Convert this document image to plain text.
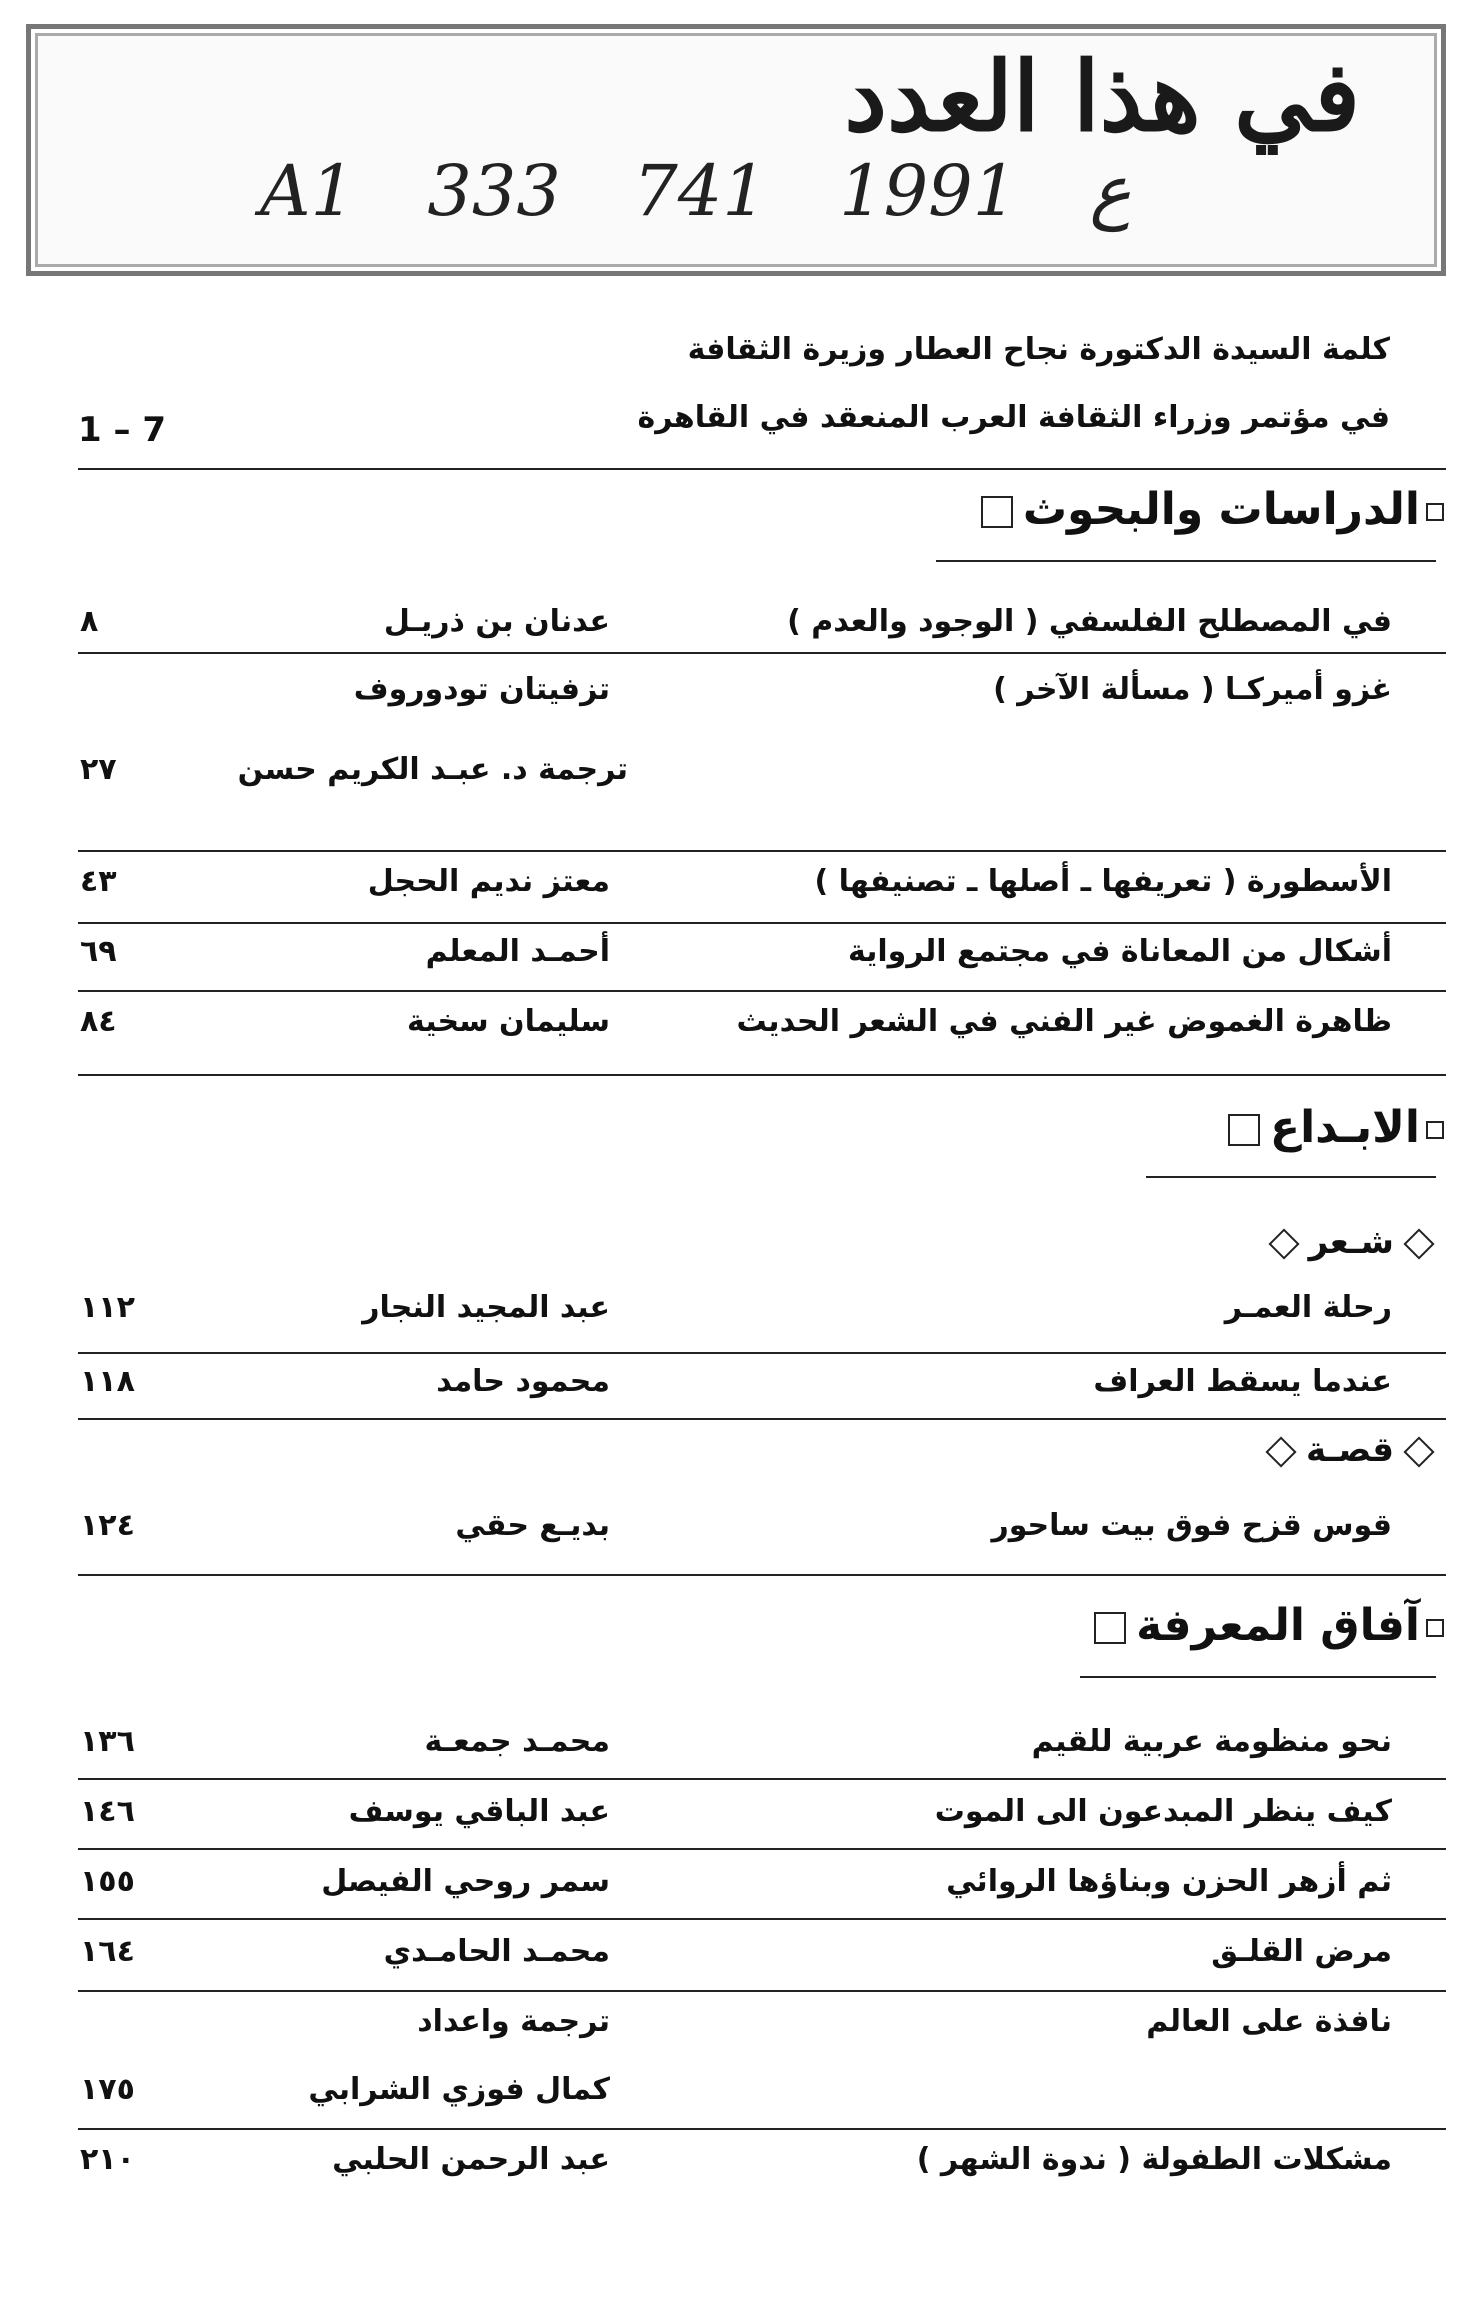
في هذا العدد
A1 333 ع 1991 741
كلمة السيدة الدكتورة نجاح العطار وزيرة الثقافة
في مؤتمر وزراء الثقافة العرب المنعقد في القاهرة
1 – 7
الدراسات والبحوث
في المصطلح الفلسفي ( الوجود والعدم )
عدنان بن ذريـل
٨
غزو أميركـا ( مسألة الآخر )
تزفيتان تودوروف
ترجمة د. عبـد الكريم حسن
٢٧
الأسطورة ( تعريفها ـ أصلها ـ تصنيفها )
معتز نديم الحجل
٤٣
أشكال من المعاناة في مجتمع الرواية
أحمـد المعلم
٦٩
ظاهرة الغموض غير الفني في الشعر الحديث
سليمان سخية
٨٤
الابـداع
شـعر
رحلة العمـر
عبد المجيد النجار
١١٢
عندما يسقط العراف
محمود حامد
١١٨
قصـة
قوس قزح فوق بيت ساحور
بديـع حقي
١٢٤
آفاق المعرفة
نحو منظومة عربية للقيم
محمـد جمعـة
١٣٦
كيف ينظر المبدعون الى الموت
عبد الباقي يوسف
١٤٦
ثم أزهر الحزن وبناؤها الروائي
سمر روحي الفيصل
١٥٥
مرض القلـق
محمـد الحامـدي
١٦٤
نافذة على العالم
ترجمة واعداد
كمال فوزي الشرابي
١٧٥
مشكلات الطفولة ( ندوة الشهر )
عبد الرحمن الحلبي
٢١٠
